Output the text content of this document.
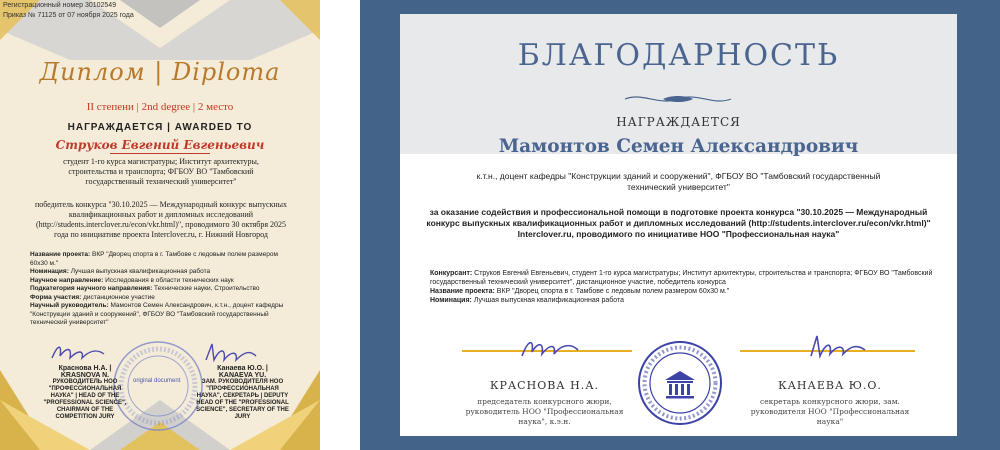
Регистрационный номер 30102549
Приказ № 71125 от 07 ноября 2025 года
Диплом | Diploma
II степени | 2nd degree | 2 место
НАГРАЖДАЕТСЯ | AWARDED TO
Струков Евгений Евгеньевич
студент 1-го курса магистратуры; Институт архитектуры, строительства и транспорта; ФГБОУ ВО "Тамбовский государственный технический университет"
победитель конкурса "30.10.2025 — Международный конкурс выпускных квалификационных работ и дипломных исследований (http://students.interclover.ru/econ/vkr.html)", проводимого 30 октября 2025 года по инициативе проекта Interclover.ru, г. Нижний Новгород
Название проекта: ВКР "Дворец спорта в г. Тамбове с ледовым полем размером 60х30 м."
Номинация: Лучшая выпускная квалификационная работа
Научное направление: Исследования в области технических наук
Подкатегория научного направления: Технические науки, Строительство
Форма участия: дистанционное участие
Научный руководитель: Мамонтов Семен Александрович, к.т.н., доцент кафедры "Конструкции зданий и сооружений", ФГБОУ ВО "Тамбовский государственный технический университет"
Краснова Н.А. |
KRASNOVA N.
РУКОВОДИТЕЛЬ НОО "ПРОФЕССИОНАЛЬНАЯ НАУКА" | HEAD OF THE "PROFESSIONAL SCIENCE", CHAIRMAN OF THE COMPETITION JURY
Канаева Ю.О. |
KANAEVA YU.
ЗАМ. РУКОВОДИТЕЛЯ НОО "ПРОФЕССИОНАЛЬНАЯ НАУКА", СЕКРЕТАРЬ | DEPUTY HEAD OF THE "PROFESSIONAL SCIENCE", SECRETARY OF THE JURY
original document
БЛАГОДАРНОСТЬ
НАГРАЖДАЕТСЯ
Мамонтов Семен Александрович
к.т.н., доцент кафедры "Конструкции зданий и сооружений", ФГБОУ ВО "Тамбовский государственный технический университет"
за оказание содействия и профессиональной помощи в подготовке проекта конкурса "30.10.2025 — Международный конкурс выпускных квалификационных работ и дипломных исследований (http://students.interclover.ru/econ/vkr.html)" Interclover.ru, проводимого по инициативе НОО "Профессиональная наука"
Конкурсант: Струков Евгений Евгеньевич, студент 1-го курса магистратуры; Институт архитектуры, строительства и транспорта; ФГБОУ ВО "Тамбовский государственный технический университет", дистанционное участие, победитель конкурса
Название проекта: ВКР "Дворец спорта в г. Тамбове с ледовым полем размером 60х30 м."
Номинация: Лучшая выпускная квалификационная работа
КРАСНОВА Н.А.
председатель конкурсного жюри, руководитель НОО "Профессиональная наука", к.э.н.
КАНАЕВА Ю.О.
секретарь конкурсного жюри, зам. руководителя НОО "Профессиональная наука"
